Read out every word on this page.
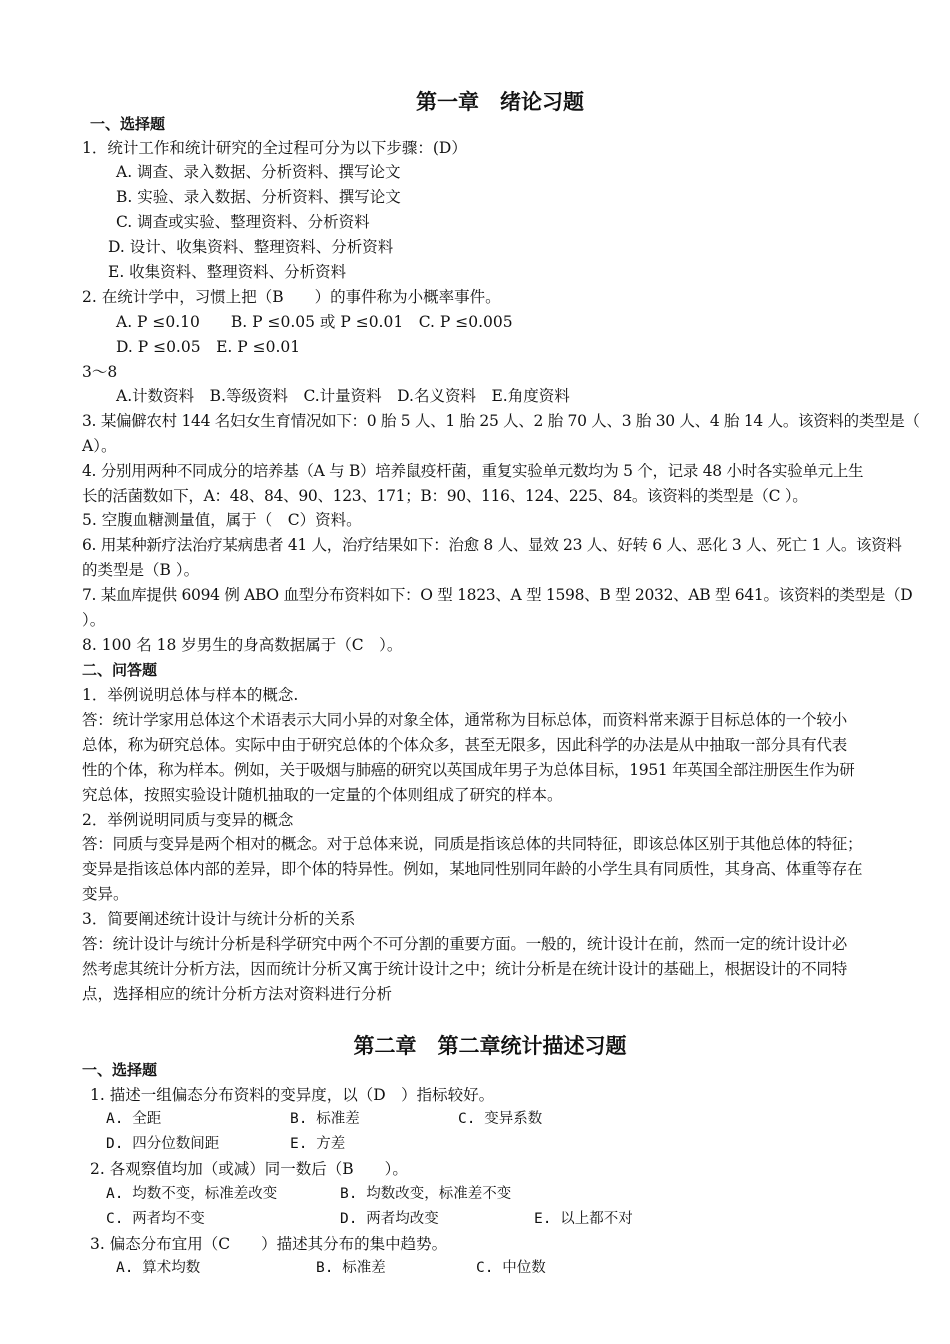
第一章　绪论习题
一、选择题
1．统计工作和统计研究的全过程可分为以下步骤：(D）
A. 调查、录入数据、分析资料、撰写论文
B. 实验、录入数据、分析资料、撰写论文
C. 调查或实验、整理资料、分析资料
D. 设计、收集资料、整理资料、分析资料
E. 收集资料、整理资料、分析资料
2. 在统计学中，习惯上把（B　　）的事件称为小概率事件。
A. P ≤0.10　　B. P ≤0.05 或 P ≤0.01　C. P ≤0.005
D. P ≤0.05　E. P ≤0.01
3～8
A.计数资料　B.等级资料　C.计量资料　D.名义资料　E.角度资料
3. 某偏僻农村 144 名妇女生育情况如下：0 胎 5 人、1 胎 25 人、2 胎 70 人、3 胎 30 人、4 胎 14 人。该资料的类型是（
A）。
4. 分别用两种不同成分的培养基（A 与 B）培养鼠疫杆菌，重复实验单元数均为 5 个，记录 48 小时各实验单元上生
长的活菌数如下，A：48、84、90、123、171；B：90、116、124、225、84。该资料的类型是（C ）。
5. 空腹血糖测量值，属于（　C）资料。
6. 用某种新疗法治疗某病患者 41 人，治疗结果如下：治愈 8 人、显效 23 人、好转 6 人、恶化 3 人、死亡 1 人。该资料
的类型是（B ）。
7. 某血库提供 6094 例 ABO 血型分布资料如下：O 型 1823、A 型 1598、B 型 2032、AB 型 641。该资料的类型是（D
）。
8. 100 名 18 岁男生的身高数据属于（C　）。
二、问答题
1．举例说明总体与样本的概念.
答：统计学家用总体这个术语表示大同小异的对象全体，通常称为目标总体，而资料常来源于目标总体的一个较小
总体，称为研究总体。实际中由于研究总体的个体众多，甚至无限多，因此科学的办法是从中抽取一部分具有代表
性的个体，称为样本。例如，关于吸烟与肺癌的研究以英国成年男子为总体目标，1951 年英国全部注册医生作为研
究总体，按照实验设计随机抽取的一定量的个体则组成了研究的样本。
2．举例说明同质与变异的概念
答：同质与变异是两个相对的概念。对于总体来说，同质是指该总体的共同特征，即该总体区别于其他总体的特征；
变异是指该总体内部的差异，即个体的特异性。例如，某地同性别同年龄的小学生具有同质性，其身高、体重等存在
变异。
3．简要阐述统计设计与统计分析的关系
答：统计设计与统计分析是科学研究中两个不可分割的重要方面。一般的，统计设计在前，然而一定的统计设计必
然考虑其统计分析方法，因而统计分析又寓于统计设计之中；统计分析是在统计设计的基础上，根据设计的不同特
点，选择相应的统计分析方法对资料进行分析
第二章　第二章统计描述习题
一、选择题
1. 描述一组偏态分布资料的变异度，以（D　）指标较好。
A. 全距	B. 标准差	C. 变异系数
D. 四分位数间距	E. 方差
2. 各观察值均加（或减）同一数后（B　　）。
A. 均数不变，标准差改变	B. 均数改变，标准差不变
C. 两者均不变	D. 两者均改变	E. 以上都不对
3. 偏态分布宜用（C　　）描述其分布的集中趋势。
A. 算术均数	B. 标准差	C. 中位数
